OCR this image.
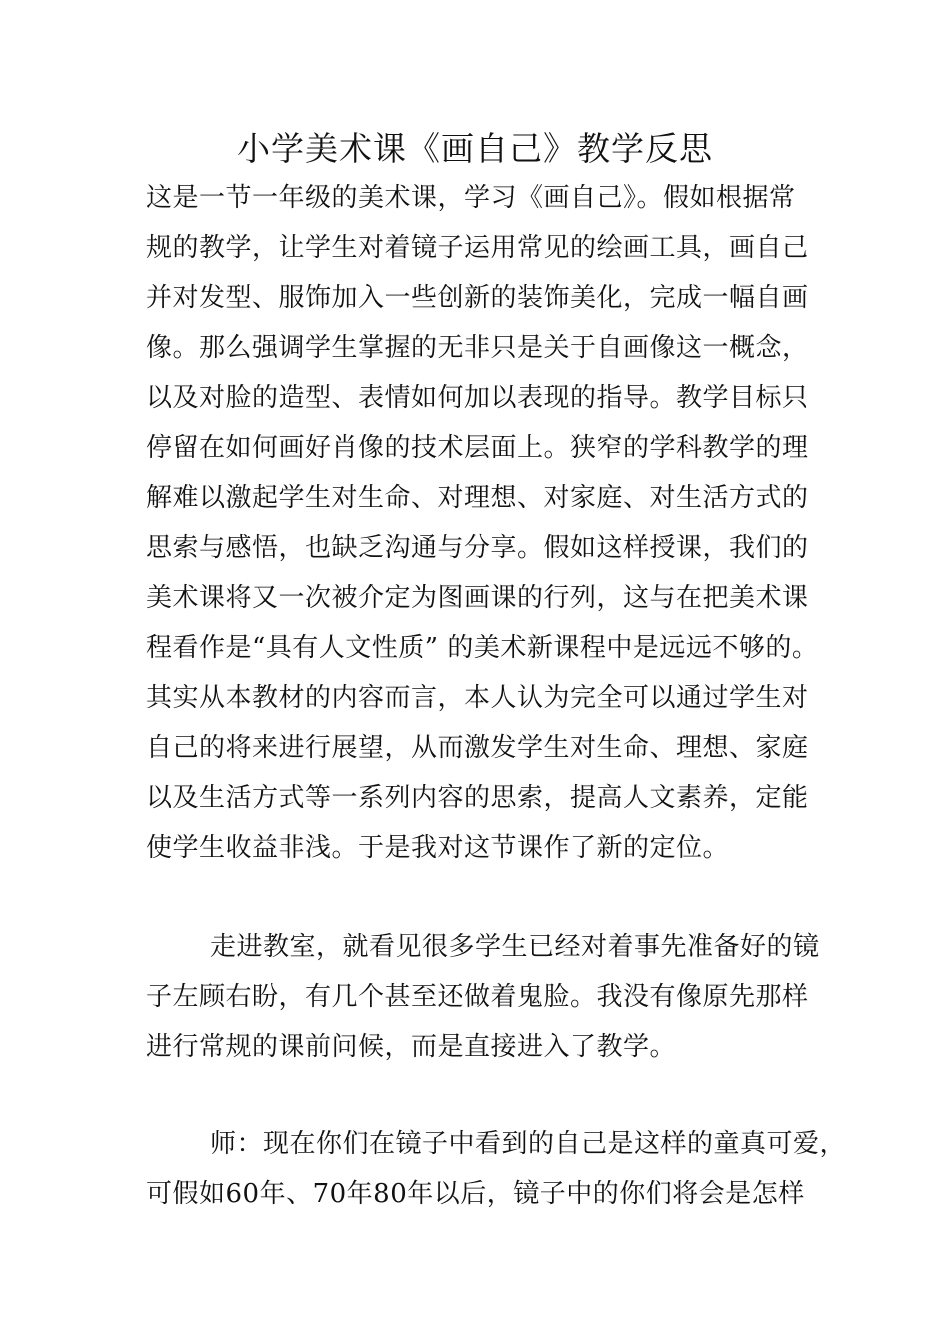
小学美术课《画自己》教学反思
这是一节一年级的美术课，学习《画自己》。假如根据常
规的教学，让学生对着镜子运用常见的绘画工具，画自己
并对发型、服饰加入一些创新的装饰美化，完成一幅自画
像。那么强调学生掌握的无非只是关于自画像这一概念，
以及对脸的造型、表情如何加以表现的指导。教学目标只
停留在如何画好肖像的技术层面上。狭窄的学科教学的理
解难以激起学生对生命、对理想、对家庭、对生活方式的
思索与感悟，也缺乏沟通与分享。假如这样授课，我们的
美术课将又一次被介定为图画课的行列，这与在把美术课
程看作是“具有人文性质” 的美术新课程中是远远不够的。
其实从本教材的内容而言，本人认为完全可以通过学生对
自己的将来进行展望，从而激发学生对生命、理想、家庭
以及生活方式等一系列内容的思索，提高人文素养，定能
使学生收益非浅。于是我对这节课作了新的定位。
走进教室，就看见很多学生已经对着事先准备好的镜
子左顾右盼，有几个甚至还做着鬼脸。我没有像原先那样
进行常规的课前问候，而是直接进入了教学。
师：现在你们在镜子中看到的自己是这样的童真可爱，
可假如60年、70年80年以后，镜子中的你们将会是怎样
